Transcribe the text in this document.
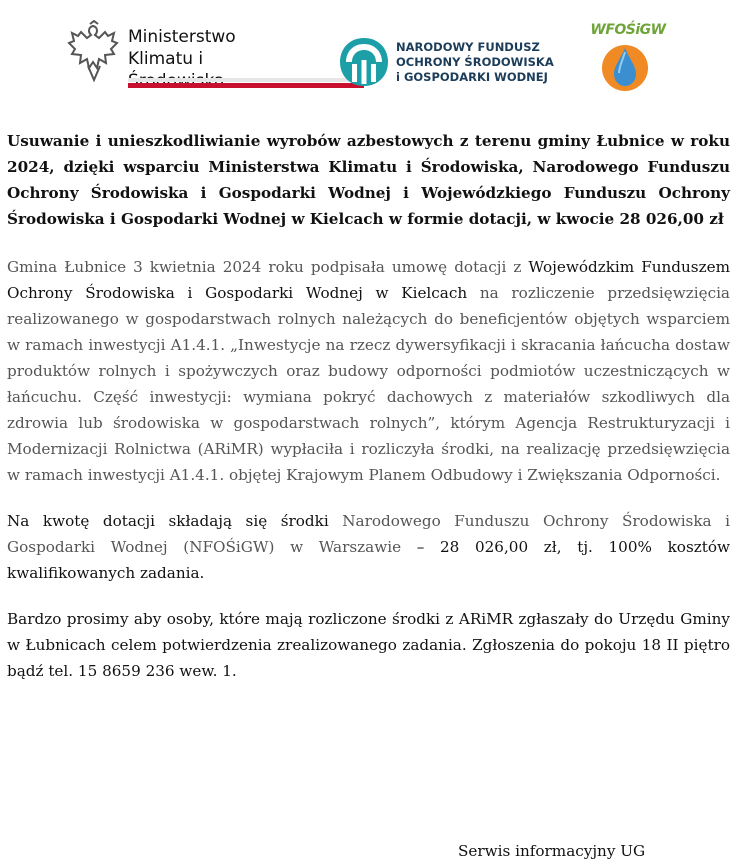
Ministerstwo
Klimatu i
NARODOWY FUNDUSZ
OCHRONY ŚRODOWISKA
i GOSPODARKI WODNEJ
WFOŚiGW

Usuwanie i unieszkodliwianie wyrobów azbestowych z terenu gminy Łubnice w roku 2024, dzięki wsparciu Ministerstwa Klimatu i Środowiska, Narodowego Funduszu Ochrony Środowiska i Gospodarki Wodnej i Wojewódzkiego Funduszu Ochrony Środowiska i Gospodarki Wodnej w Kielcach w formie dotacji, w kwocie 28 026,00 zł

Gmina Łubnice 3 kwietnia 2024 roku podpisała umowę dotacji z Wojewódzkim Funduszem Ochrony Środowiska i Gospodarki Wodnej w Kielcach na rozliczenie przedsięwzięcia realizowanego w gospodarstwach rolnych należących do beneficjentów objętych wsparciem w ramach inwestycji A1.4.1. „Inwestycje na rzecz dywersyfikacji i skracania łańcucha dostaw produktów rolnych i spożywczych oraz budowy odporności podmiotów uczestniczących w łańcuchu. Część inwestycji: wymiana pokryć dachowych z materiałów szkodliwych dla zdrowia lub środowiska w gospodarstwach rolnych”, którym Agencja Restrukturyzacji i Modernizacji Rolnictwa (ARiMR) wypłaciła i rozliczyła środki, na realizację przedsięwzięcia w ramach inwestycji A1.4.1. objętej Krajowym Planem Odbudowy i Zwiększania Odporności.

Na kwotę dotacji składają się środki Narodowego Funduszu Ochrony Środowiska i Gospodarki Wodnej (NFOŚiGW) w Warszawie – 28 026,00 zł, tj. 100% kosztów kwalifikowanych zadania.

Bardzo prosimy aby osoby, które mają rozliczone środki z ARiMR zgłaszały do Urzędu Gminy w Łubnicach celem potwierdzenia zrealizowanego zadania. Zgłoszenia do pokoju 18 II piętro bądź tel. 15 8659 236 wew. 1.

Serwis informacyjny UG
